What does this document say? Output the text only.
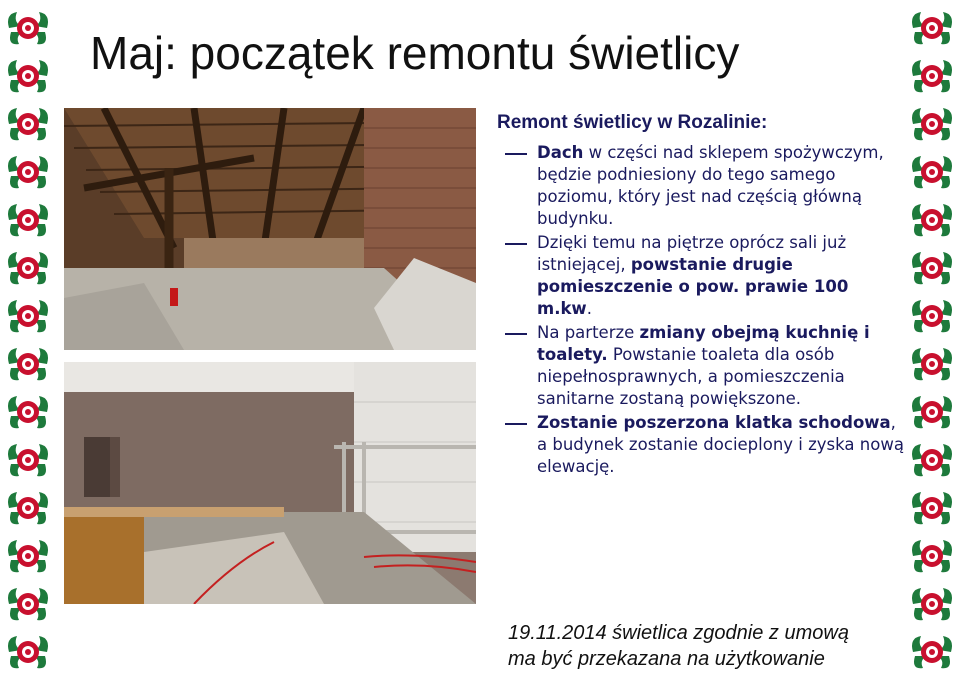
Maj: początek remontu świetlicy
Remont świetlicy w Rozalinie:
Dach w części nad sklepem spożywczym, będzie podniesiony do tego samego poziomu, który jest nad częścią główną budynku.
Dzięki temu na piętrze oprócz sali już istniejącej, powstanie drugie pomieszczenie o pow. prawie 100 m.kw.
Na parterze zmiany obejmą kuchnię i toalety. Powstanie toaleta dla osób niepełnosprawnych, a pomieszczenia sanitarne zostaną powiększone.
Zostanie poszerzona klatka schodowa, a budynek zostanie docieplony i zyska nową elewację.
19.11.2014 świetlica zgodnie z umową
ma być przekazana na użytkowanie
